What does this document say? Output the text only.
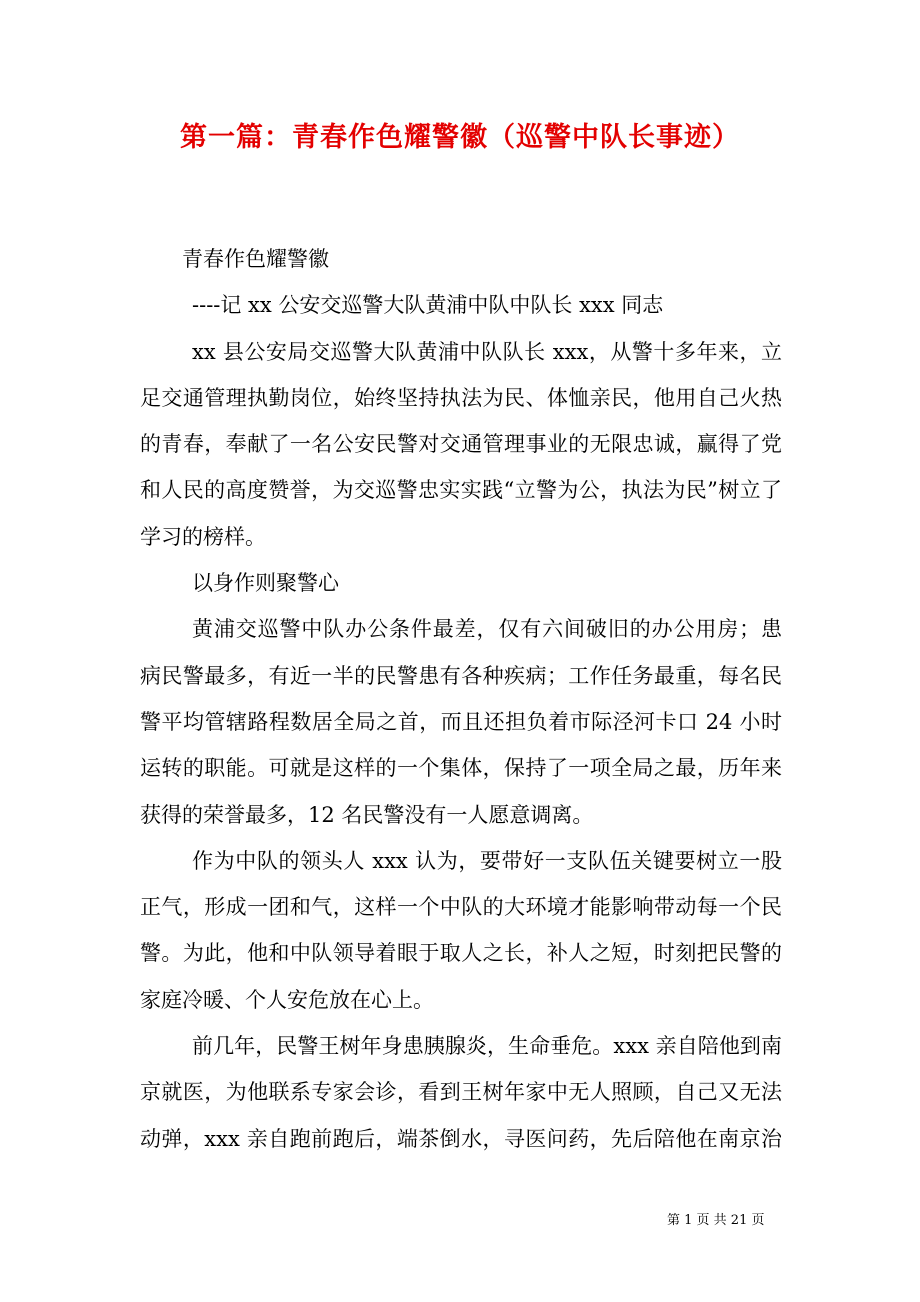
第一篇：青春作色耀警徽（巡警中队长事迹）
青春作色耀警徽
----记 xx 公安交巡警大队黄浦中队中队长 xxx 同志
xx 县公安局交巡警大队黄浦中队队长 xxx，从警十多年来，立
足交通管理执勤岗位，始终坚持执法为民、体恤亲民，他用自己火热
的青春，奉献了一名公安民警对交通管理事业的无限忠诚，赢得了党
和人民的高度赞誉，为交巡警忠实实践“立警为公，执法为民”树立了
学习的榜样。
以身作则聚警心
黄浦交巡警中队办公条件最差，仅有六间破旧的办公用房；患
病民警最多，有近一半的民警患有各种疾病；工作任务最重，每名民
警平均管辖路程数居全局之首，而且还担负着市际泾河卡口 24 小时
运转的职能。可就是这样的一个集体，保持了一项全局之最，历年来
获得的荣誉最多，12 名民警没有一人愿意调离。
作为中队的领头人 xxx 认为，要带好一支队伍关键要树立一股
正气，形成一团和气，这样一个中队的大环境才能影响带动每一个民
警。为此，他和中队领导着眼于取人之长，补人之短，时刻把民警的
家庭冷暖、个人安危放在心上。
前几年，民警王树年身患胰腺炎，生命垂危。xxx 亲自陪他到南
京就医，为他联系专家会诊，看到王树年家中无人照顾，自己又无法
动弹，xxx 亲自跑前跑后，端茶倒水，寻医问药，先后陪他在南京治
第 1 页 共 21 页
